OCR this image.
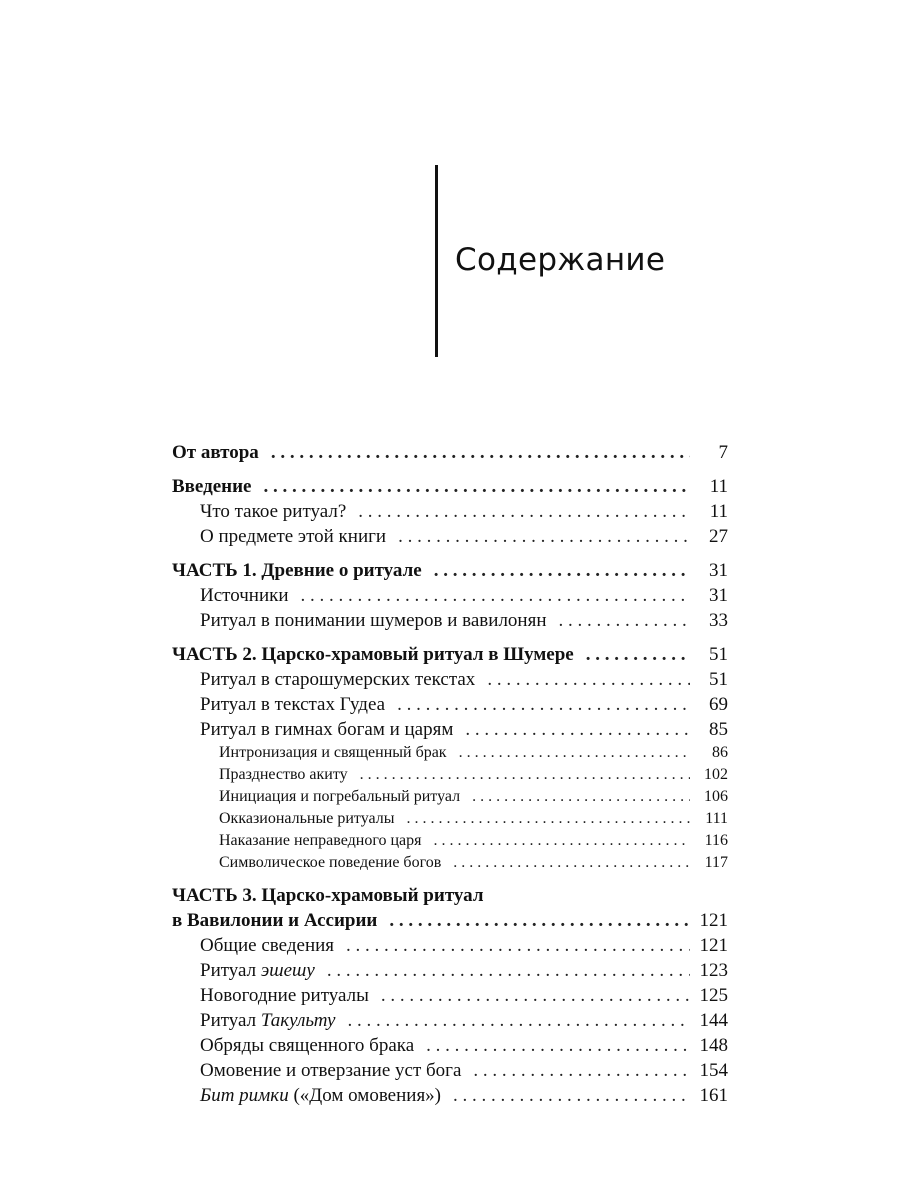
Содержание
От автора . . .	7
Введение . . .	11
Что такое ритуал? . . .	11
О предмете этой книги . . .	27
ЧАСТЬ 1. Древние о ритуале . . .	31
Источники . . .	31
Ритуал в понимании шумеров и вавилонян . . .	33
ЧАСТЬ 2. Царско-храмовый ритуал в Шумере . . .	51
Ритуал в старошумерских текстах . . .	51
Ритуал в текстах Гудеа . . .	69
Ритуал в гимнах богам и царям . . .	85
Интронизация и священный брак . . .	86
Празднество акиту . . .	102
Инициация и погребальный ритуал . . .	106
Окказиональные ритуалы . . .	111
Наказание неправедного царя . . .	116
Символическое поведение богов . . .	117
ЧАСТЬ 3. Царско-храмовый ритуал
в Вавилонии и Ассирии . . .	121
Общие сведения . . .	121
Ритуал эшешу . . .	123
Новогодние ритуалы . . .	125
Ритуал Такульту . . .	144
Обряды священного брака . . .	148
Омовение и отверзание уст бога . . .	154
Бит римки («Дом омовения») . . .	161
